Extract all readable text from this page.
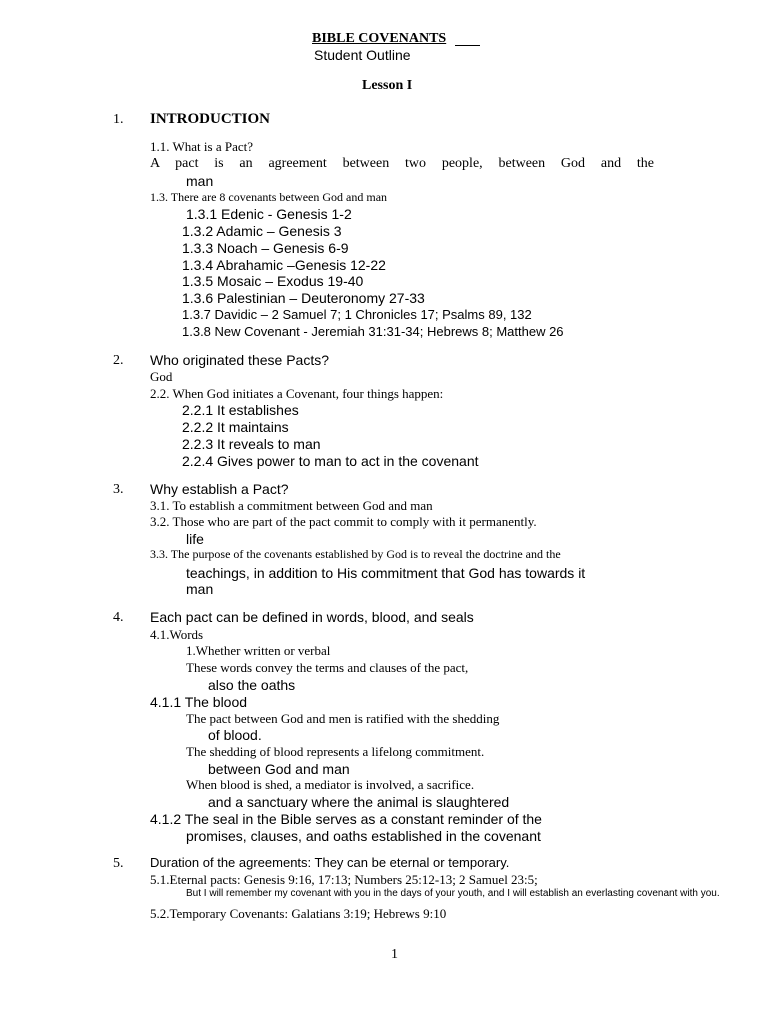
BIBLE COVENANTS
Student Outline
Lesson I
1. INTRODUCTION
1.1. What is a Pact?
A pact is an agreement between two people, between God and the
man
1.3. There are 8 covenants between God and man
1.3.1 Edenic - Genesis 1-2
1.3.2 Adamic – Genesis 3
1.3.3 Noach – Genesis 6-9
1.3.4 Abrahamic –Genesis 12-22
1.3.5 Mosaic – Exodus 19-40
1.3.6 Palestinian – Deuteronomy 27-33
1.3.7 Davidic – 2 Samuel 7; 1 Chronicles 17; Psalms 89, 132
1.3.8 New Covenant - Jeremiah 31:31-34; Hebrews 8; Matthew 26
2. Who originated these Pacts?
God
2.2. When God initiates a Covenant, four things happen:
2.2.1 It establishes
2.2.2 It maintains
2.2.3 It reveals to man
2.2.4 Gives power to man to act in the covenant
3. Why establish a Pact?
3.1. To establish a commitment between God and man
3.2. Those who are part of the pact commit to comply with it permanently.
life
3.3. The purpose of the covenants established by God is to reveal the doctrine and the
teachings, in addition to His commitment that God has towards it
man
4. Each pact can be defined in words, blood, and seals
4.1.Words
1.Whether written or verbal
These words convey the terms and clauses of the pact,
also the oaths
4.1.1 The blood
The pact between God and men is ratified with the shedding
of blood.
The shedding of blood represents a lifelong commitment.
between God and man
When blood is shed, a mediator is involved, a sacrifice.
and a sanctuary where the animal is slaughtered
4.1.2 The seal in the Bible serves as a constant reminder of the
promises, clauses, and oaths established in the covenant
5. Duration of the agreements: They can be eternal or temporary.
5.1.Eternal pacts: Genesis 9:16, 17:13; Numbers 25:12-13; 2 Samuel 23:5;
But I will remember my covenant with you in the days of your youth, and I will establish an everlasting covenant with you.
5.2.Temporary Covenants: Galatians 3:19; Hebrews 9:10
1
